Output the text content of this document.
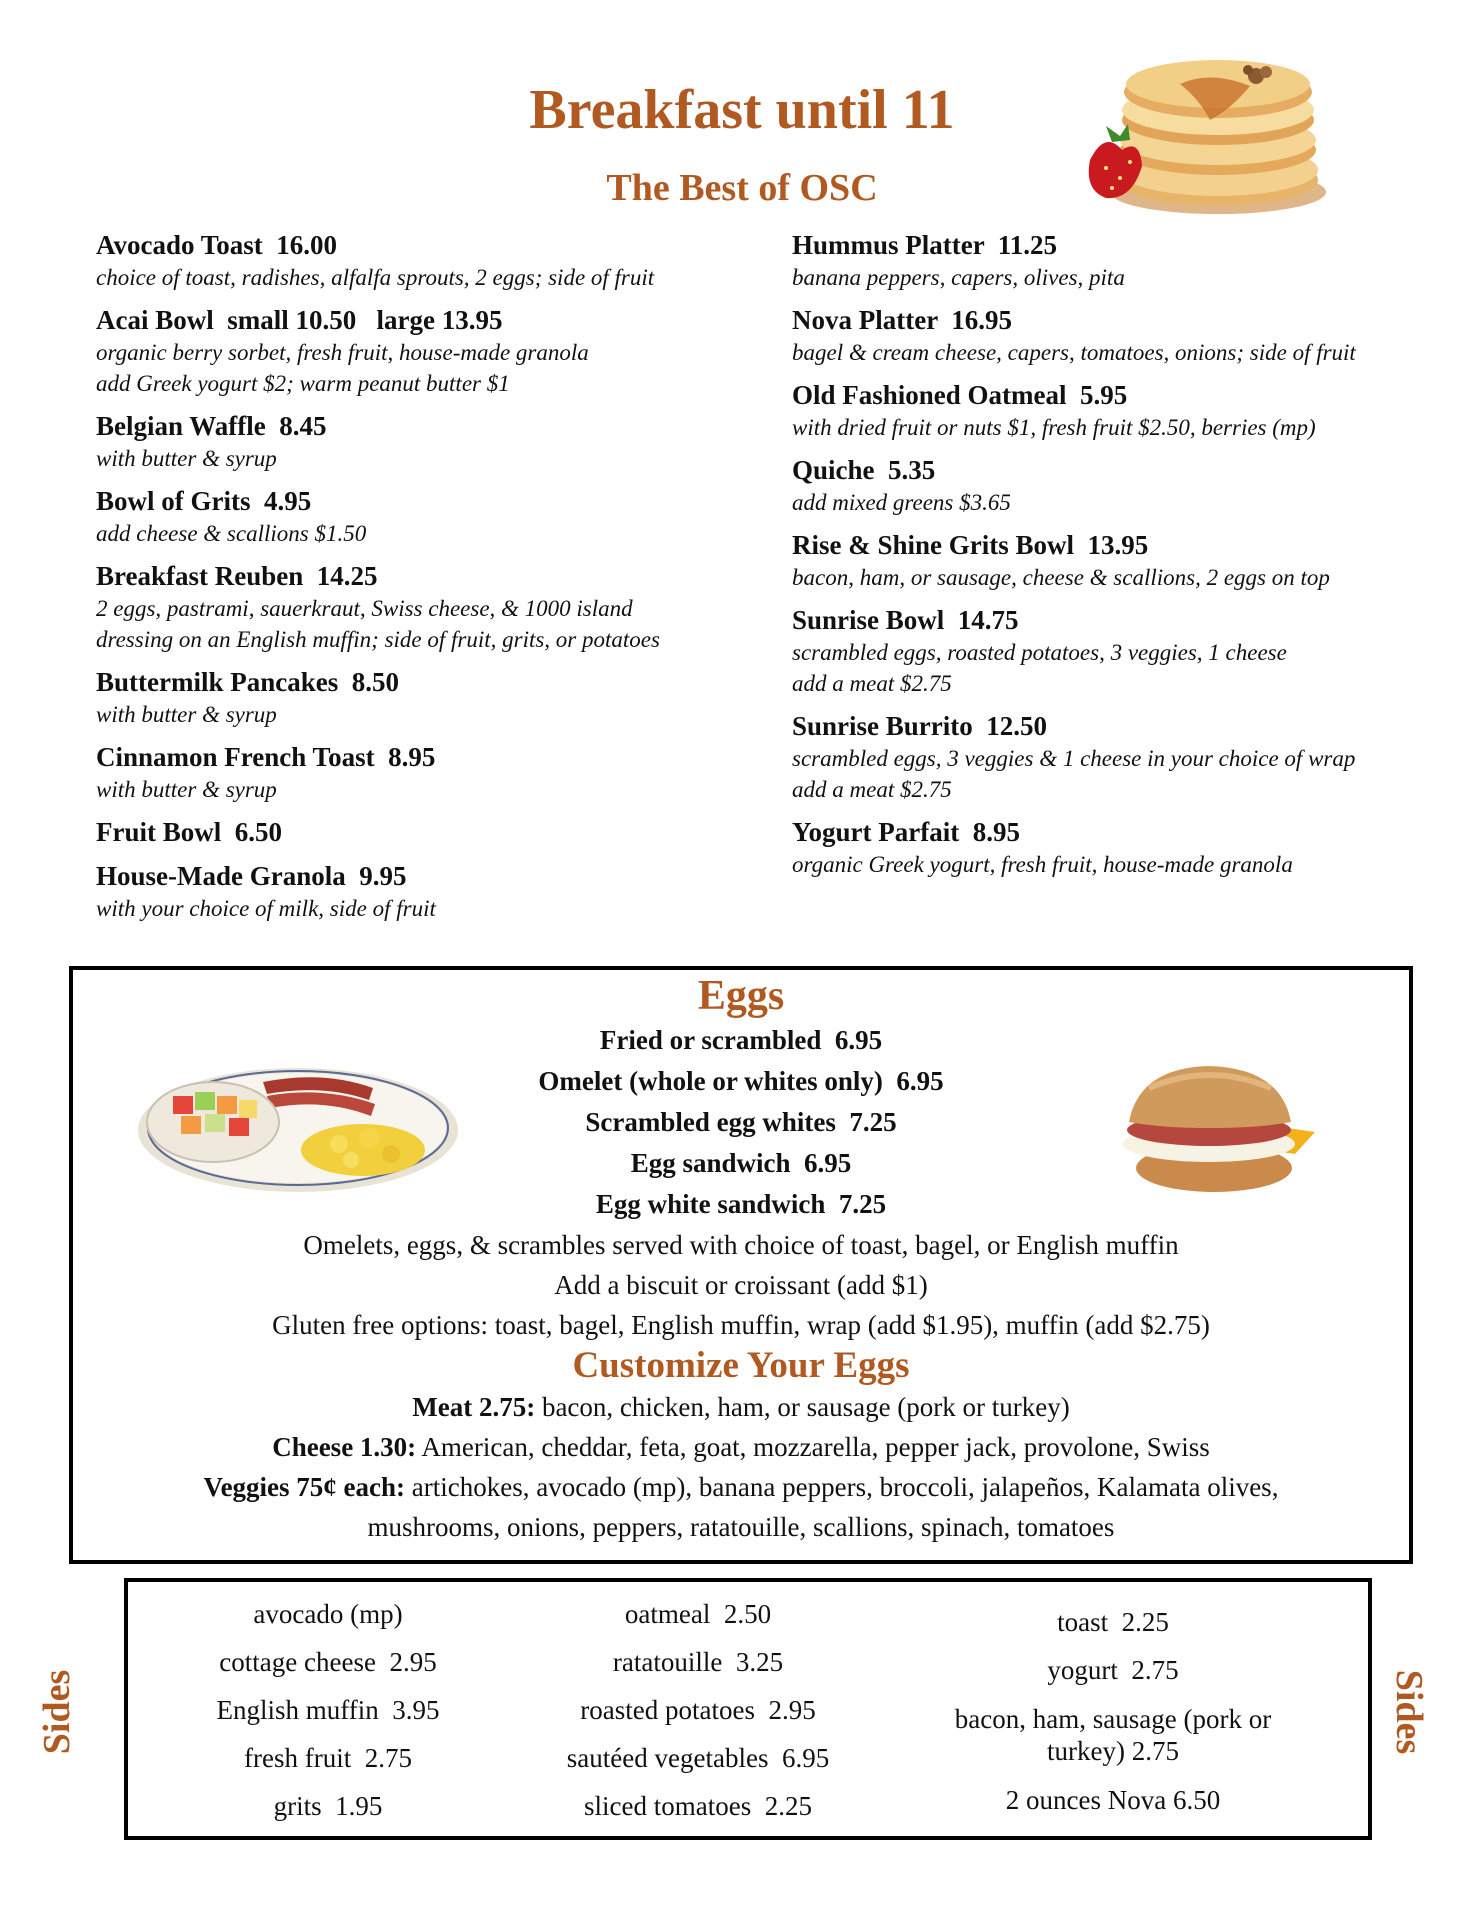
Breakfast until 11
The Best of OSC
Avocado Toast  16.00
choice of toast, radishes, alfalfa sprouts, 2 eggs; side of fruit
Acai Bowl  small 10.50   large 13.95
organic berry sorbet, fresh fruit, house-made granola
add Greek yogurt $2; warm peanut butter $1
Belgian Waffle  8.45
with butter & syrup
Bowl of Grits  4.95
add cheese & scallions $1.50
Breakfast Reuben  14.25
2 eggs, pastrami, sauerkraut, Swiss cheese, & 1000 island
dressing on an English muffin; side of fruit, grits, or potatoes
Buttermilk Pancakes  8.50
with butter & syrup
Cinnamon French Toast  8.95
with butter & syrup
Fruit Bowl  6.50
House-Made Granola  9.95
with your choice of milk, side of fruit
Hummus Platter  11.25
banana peppers, capers, olives, pita
Nova Platter  16.95
bagel & cream cheese, capers, tomatoes, onions; side of fruit
Old Fashioned Oatmeal  5.95
with dried fruit or nuts $1, fresh fruit $2.50, berries (mp)
Quiche  5.35
add mixed greens $3.65
Rise & Shine Grits Bowl  13.95
bacon, ham, or sausage, cheese & scallions, 2 eggs on top
Sunrise Bowl  14.75
scrambled eggs, roasted potatoes, 3 veggies, 1 cheese
add a meat $2.75
Sunrise Burrito  12.50
scrambled eggs, 3 veggies & 1 cheese in your choice of wrap
add a meat $2.75
Yogurt Parfait  8.95
organic Greek yogurt, fresh fruit, house-made granola
Eggs
Fried or scrambled  6.95
Omelet (whole or whites only)  6.95
Scrambled egg whites  7.25
Egg sandwich  6.95
Egg white sandwich  7.25
Omelets, eggs, & scrambles served with choice of toast, bagel, or English muffin
Add a biscuit or croissant (add $1)
Gluten free options: toast, bagel, English muffin, wrap (add $1.95), muffin (add $2.75)
Customize Your Eggs
Meat 2.75: bacon, chicken, ham, or sausage (pork or turkey)
Cheese 1.30: American, cheddar, feta, goat, mozzarella, pepper jack, provolone, Swiss
Veggies 75¢ each: artichokes, avocado (mp), banana peppers, broccoli, jalapeños, Kalamata olives,
mushrooms, onions, peppers, ratatouille, scallions, spinach, tomatoes
Sides	Sides
avocado (mp)
cottage cheese  2.95
English muffin  3.95
fresh fruit  2.75
grits  1.95
oatmeal  2.50
ratatouille  3.25
roasted potatoes  2.95
sautéed vegetables  6.95
sliced tomatoes  2.25
toast  2.25
yogurt  2.75
bacon, ham, sausage (pork or turkey) 2.75
2 ounces Nova 6.50
